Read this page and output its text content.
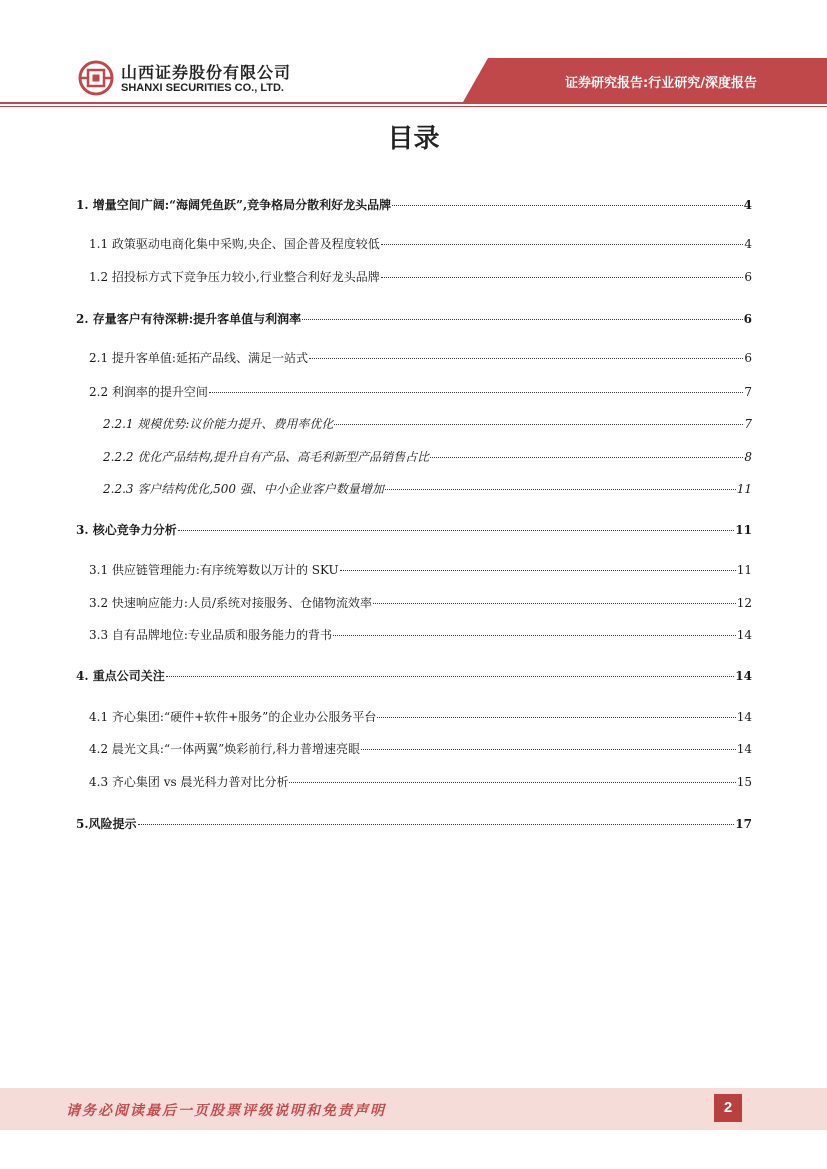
山西证券股份有限公司
SHANXI SECURITIES CO., LTD.	证券研究报告:行业研究/深度报告
目录
1. 增量空间广阔:“海阔凭鱼跃”,竞争格局分散利好龙头品牌	4
1.1 政策驱动电商化集中采购,央企、国企普及程度较低	4
1.2 招投标方式下竞争压力较小,行业整合利好龙头品牌	6
2. 存量客户有待深耕:提升客单值与利润率	6
2.1 提升客单值:延拓产品线、满足一站式	6
2.2 利润率的提升空间	7
2.2.1 规模优势:议价能力提升、费用率优化	7
2.2.2 优化产品结构,提升自有产品、高毛利新型产品销售占比	8
2.2.3 客户结构优化,500 强、中小企业客户数量增加	11
3. 核心竞争力分析	11
3.1 供应链管理能力:有序统筹数以万计的 SKU	11
3.2 快速响应能力:人员/系统对接服务、仓储物流效率	12
3.3 自有品牌地位:专业品质和服务能力的背书	14
4. 重点公司关注	14
4.1 齐心集团:“硬件+软件+服务”的企业办公服务平台	14
4.2 晨光文具:“一体两翼”焕彩前行,科力普增速亮眼	14
4.3 齐心集团 vs 晨光科力普对比分析	15
5.风险提示	17
请务必阅读最后一页股票评级说明和免责声明	2
